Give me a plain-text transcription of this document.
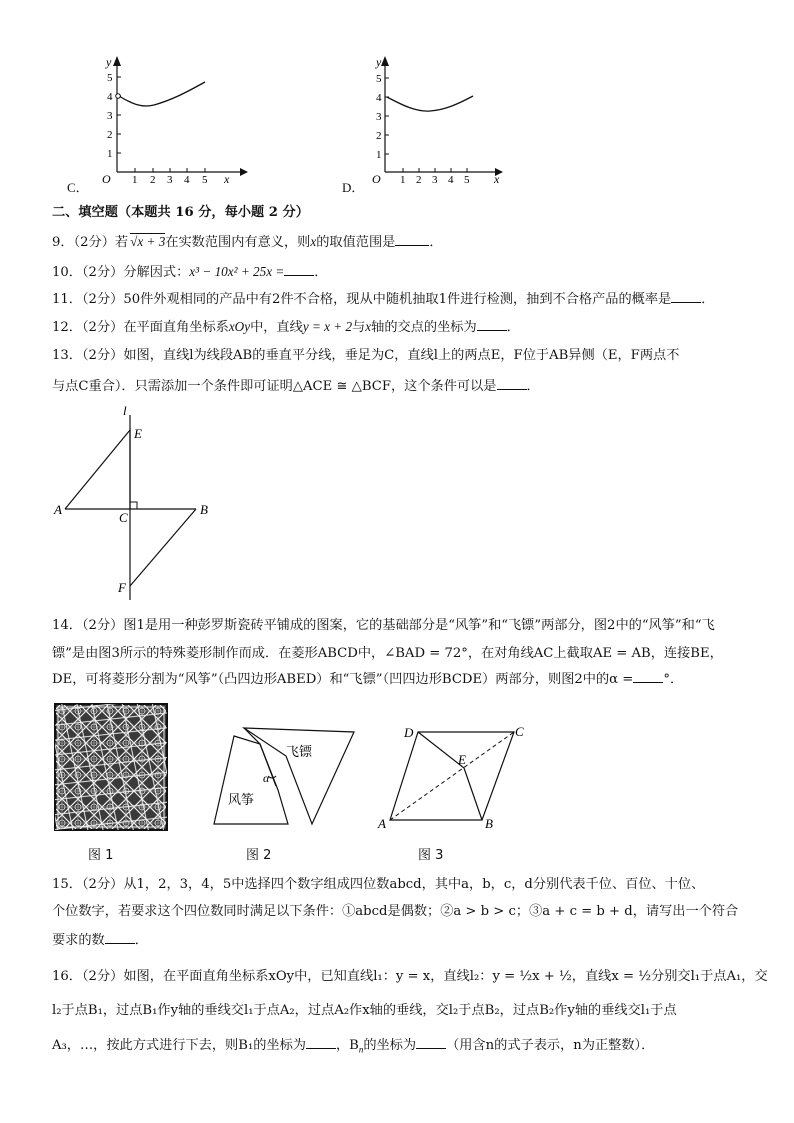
y
x
O
5
4
3
2
1
1 2 3 4 5
C．
y
x
O
5
4
3
2
1
1 2 3 4 5
D．
二、填空题（本题共 16 分，每小题 2 分）
9．（2分）若 √x + 3在实数范围内有意义，则x的取值范围是	．
10．（2分）分解因式：x³ − 10x² + 25x = ．
11．（2分）50件外观相同的产品中有2件不合格，现从中随机抽取1件进行检测，抽到不合格产品的概率是 ．
12．（2分）在平面直角坐标系xOy中，直线y = x + 2与x轴的交点的坐标为 ．
13．（2分）如图，直线l为线段AB的垂直平分线，垂足为C，直线l上的两点E，F位于AB异侧（E，F两点不
与点C重合）．只需添加一个条件即可证明△ACE ≅ △BCF，这个条件可以是 ．
l
E
A
C
B
F
14．（2分）图1是用一种彭罗斯瓷砖平铺成的图案，它的基础部分是“风筝”和“飞镖”两部分，图2中的“风筝”和“飞
镖”是由图3所示的特殊菱形制作而成．在菱形ABCD中，∠BAD = 72°，在对角线AC上截取AE = AB，连接BE，
DE，可将菱形分割为“风筝”（凸四边形ABED）和“飞镖”（凹四边形BCDE）两部分，则图2中的α = °．
飞镖
风筝
α
A	B
C
D
E
图 1	图 2	图 3
15．（2分）从1，2，3，4，5中选择四个数字组成四位数abcd，其中a，b，c，d分别代表千位、百位、十位、
个位数字，若要求这个四位数同时满足以下条件：①abcd是偶数；②a > b > c；③a + c = b + d，请写出一个符合
要求的数 ．
16．（2分）如图，在平面直角坐标系xOy中，已知直线l₁：y = x，直线l₂：y = ½x + ½，直线x = ½分别交l₁于点A₁，交
l₂于点B₁，过点B₁作y轴的垂线交l₁于点A₂，过点A₂作x轴的垂线，交l₂于点B₂，过点B₂作y轴的垂线交l₁于点
A₃，…，按此方式进行下去，则B₁的坐标为 ，$B_n$的坐标为 （用含n的式子表示，n为正整数）．
